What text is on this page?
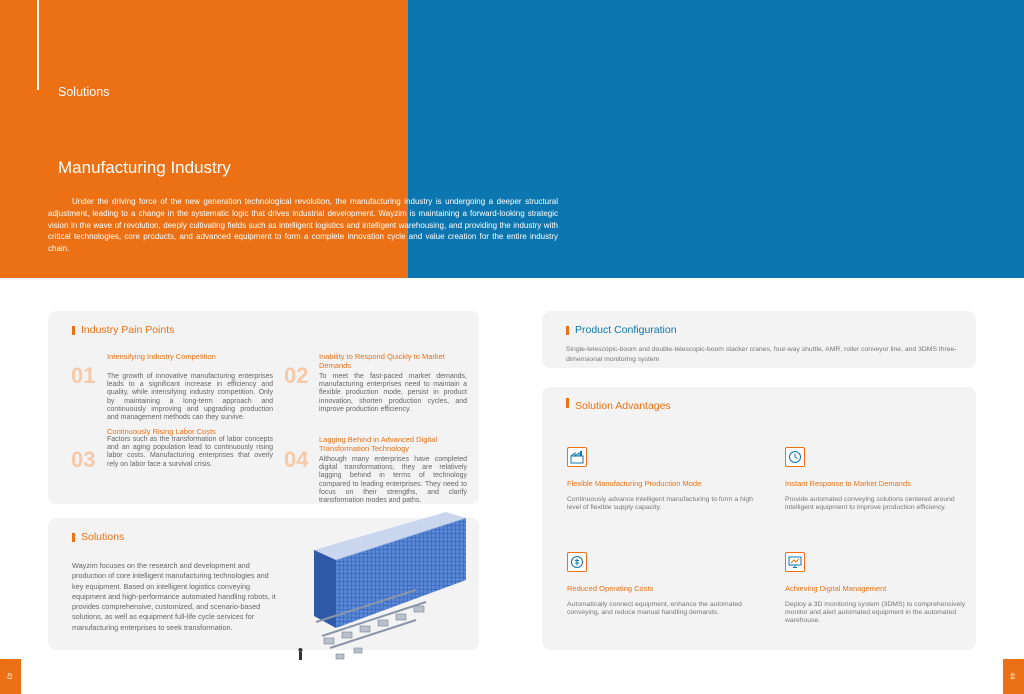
Solutions
Manufacturing Industry

Under the driving force of the new generation technological revolution, the manufacturing industry is undergoing a deeper structural adjustment, leading to a change in the systematic logic that drives industrial development. Wayzim is maintaining a forward-looking strategic vision in the wave of revolution, deeply cultivating fields such as intelligent logistics and intelligent warehousing, and providing the industry with critical technologies, core products, and advanced equipment to form a complete innovation cycle and value creation for the entire industry chain.

Industry Pain Points
01
Intensifying Industry Competition
The growth of innovative manufacturing enterprises leads to a significant increase in efficiency and quality, while intensifying industry competition. Only by maintaining a long-term approach and continuously improving and upgrading production and management methods can they survive.
02
Inability to Respond Quickly to Market Demands
To meet the fast-paced market demands, manufacturing enterprises need to maintain a flexible production mode, persist in product innovation, shorten production cycles, and improve production efficiency.
03
Continuously Rising Labor Costs
Factors such as the transformation of labor concepts and an aging population lead to continuously rising labor costs. Manufacturing enterprises that overly rely on labor face a survival crisis.	04
Lagging Behind in Advanced Digital Transformation Technology
Although many enterprises have completed digital transformations, they are relatively lagging behind in terms of technology compared to leading enterprises. They need to focus on their strengths, and clarify transformation modes and paths.
Solutions

Wayzim focuses on the research and development and production of core intelligent manufacturing technologies and key equipment. Based on intelligent logistics conveying equipment and high-performance automated handling robots, it provides comprehensive, customized, and scenario-based solutions, as well as equipment full-life cycle services for manufacturing enterprises to seek transformation.

Product Configuration

Single-telescopic-boom and double-telescopic-boom stacker cranes, four-way shuttle, AMR, roller conveyor line, and 3DMS three-dimensional monitoring system

Solution Advantages
Flexible Manufacturing Production Mode

Continuously advance intelligent manufacturing to form a high level of flexible supply capacity.

Instant Response to Market Demands

Provide automated conveying solutions centered around intelligent equipment to improve production efficiency.

Reduced Operating Costs

Automatically connect equipment, enhance the automated conveying, and reduce manual handling demands.

Achieving Digital Management

Deploy a 3D monitoring system (3DMS) to comprehensively monitor and alert automated equipment in the automated warehouse.

43	44
